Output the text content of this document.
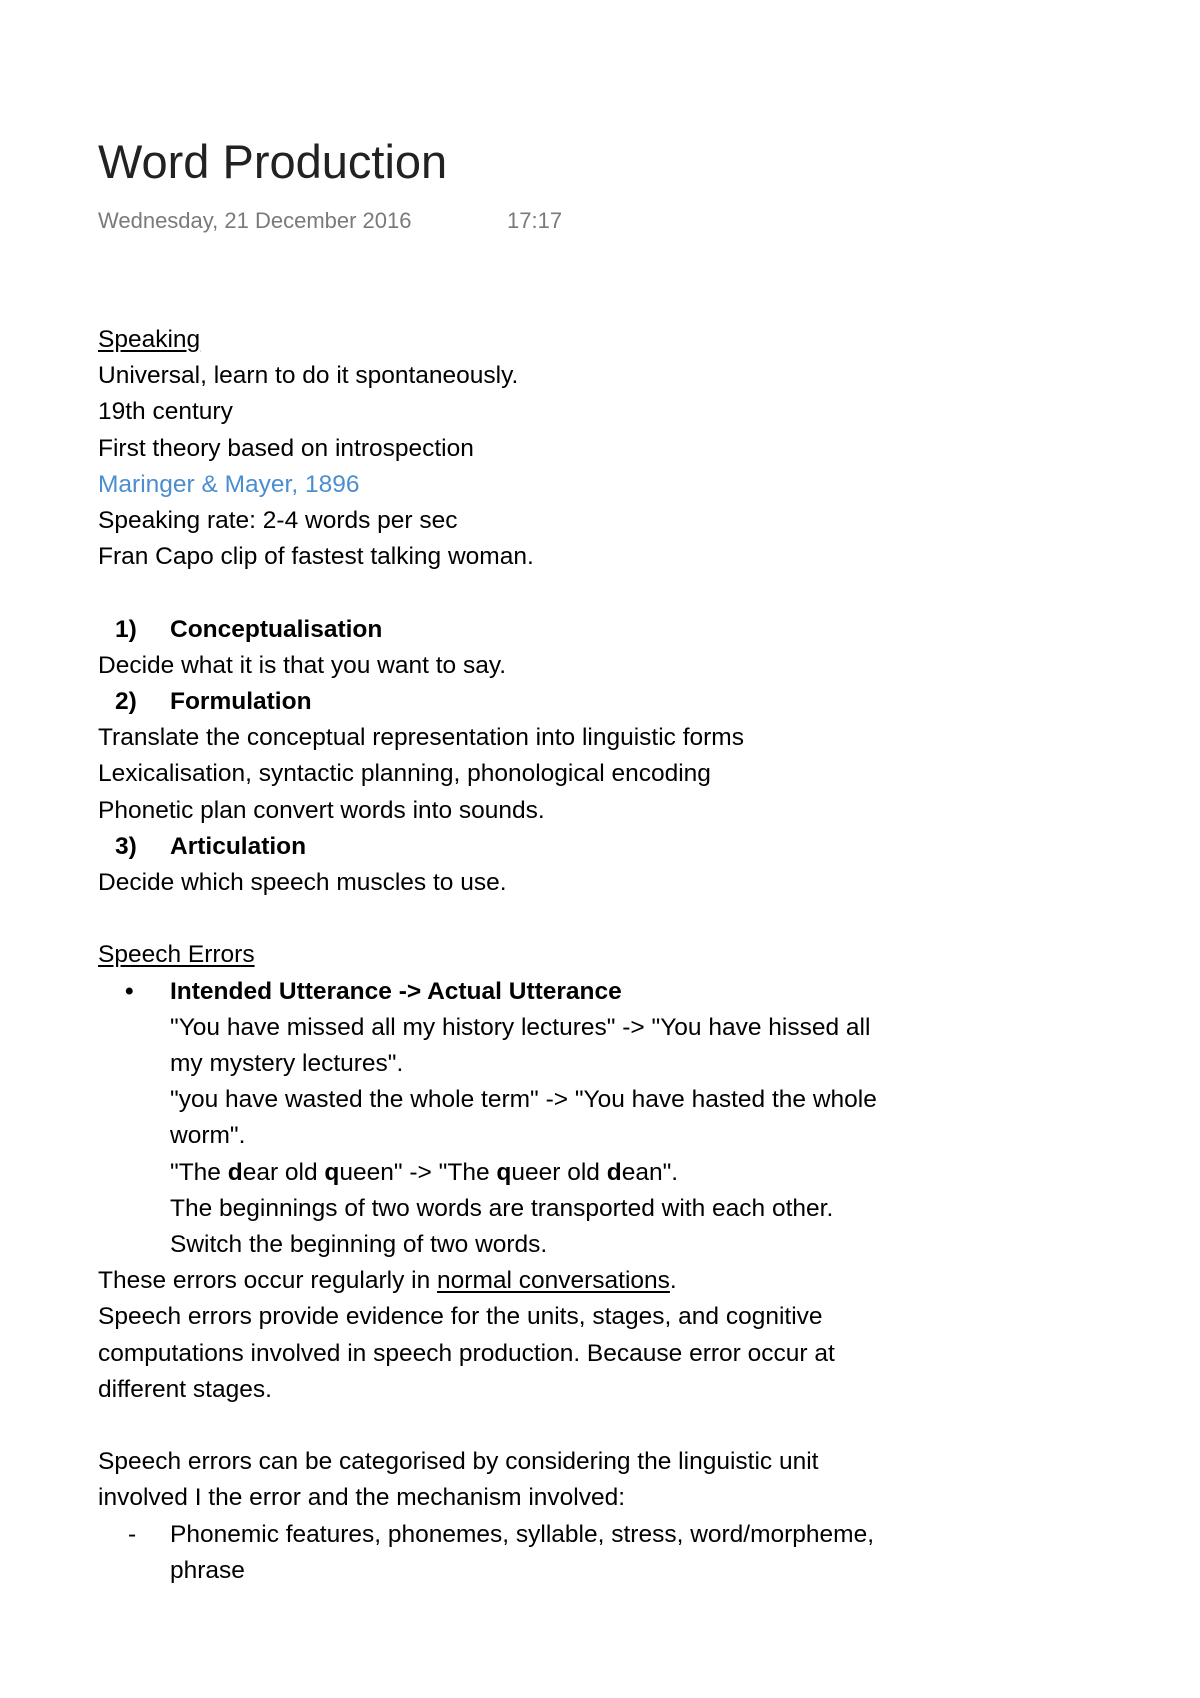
Word Production
Wednesday, 21 December 2016	17:17
Speaking
Universal, learn to do it spontaneously.
19th century
First theory based on introspection
Maringer & Mayer, 1896
Speaking rate: 2-4 words per sec
Fran Capo clip of fastest talking woman.
1) Conceptualisation
Decide what it is that you want to say.
2) Formulation
Translate the conceptual representation into linguistic forms
Lexicalisation, syntactic planning, phonological encoding
Phonetic plan convert words into sounds.
3) Articulation
Decide which speech muscles to use.
Speech Errors
• Intended Utterance -> Actual Utterance
"You have missed all my history lectures" -> "You have hissed all
my mystery lectures".
"you have wasted the whole term" -> "You have hasted the whole
worm".
"The dear old queen" -> "The queer old dean".
The beginnings of two words are transported with each other.
Switch the beginning of two words.
These errors occur regularly in normal conversations.
Speech errors provide evidence for the units, stages, and cognitive
computations involved in speech production. Because error occur at
different stages.
Speech errors can be categorised by considering the linguistic unit
involved I the error and the mechanism involved:
- Phonemic features, phonemes, syllable, stress, word/morpheme,
phrase
